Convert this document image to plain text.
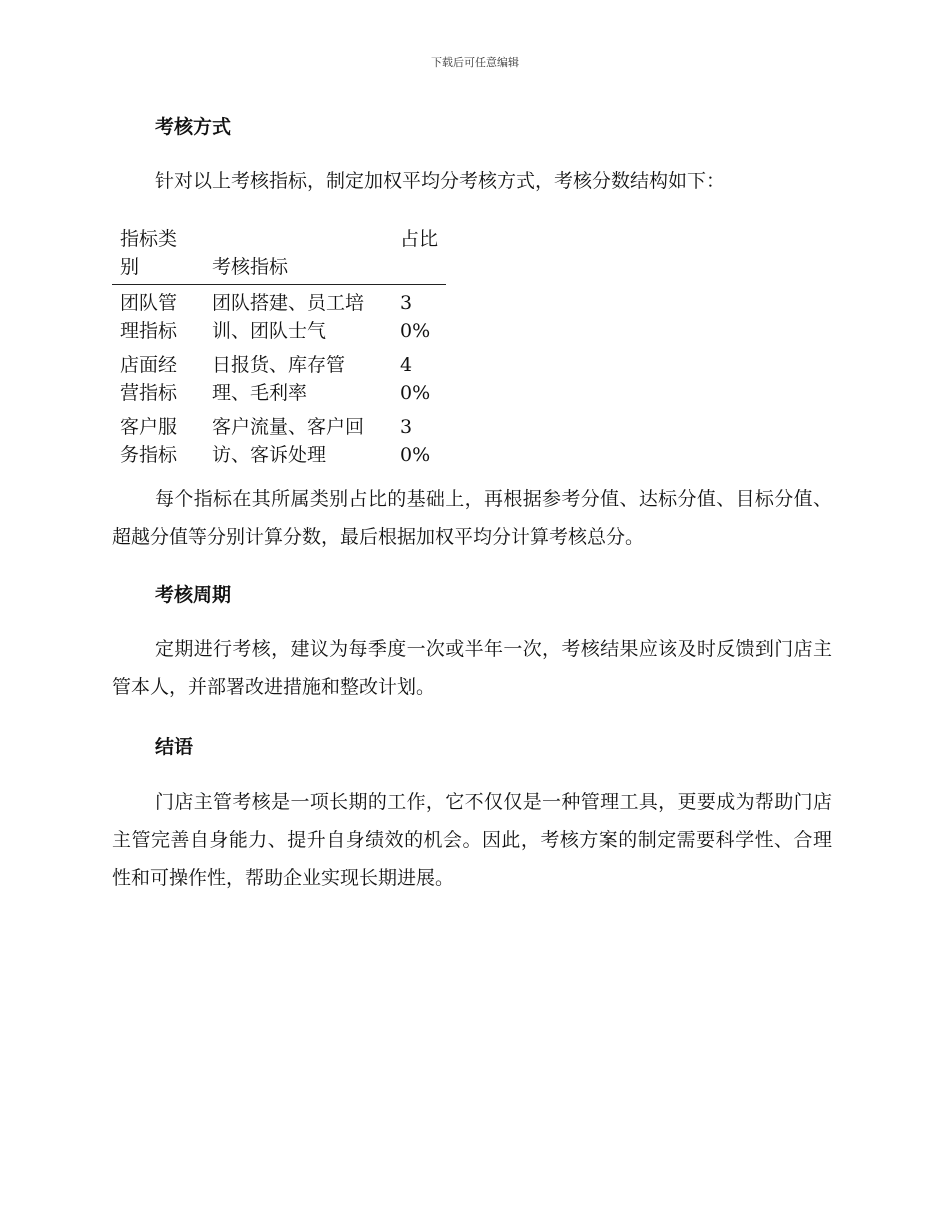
下载后可任意编辑
考核方式

针对以上考核指标，制定加权平均分考核方式，考核分数结构如下：

指标类别	考核指标
占比
团队管理指标
团队搭建、员工培训、团队士气
30%
店面经营指标
日报货、库存管理、毛利率
40%
客户服务指标
客户流量、客户回访、客诉处理
30%

每个指标在其所属类别占比的基础上，再根据参考分值、达标分值、目标分值、超越分值等分别计算分数，最后根据加权平均分计算考核总分。

考核周期

定期进行考核，建议为每季度一次或半年一次，考核结果应该及时反馈到门店主管本人，并部署改进措施和整改计划。

结语

门店主管考核是一项长期的工作，它不仅仅是一种管理工具，更要成为帮助门店主管完善自身能力、提升自身绩效的机会。因此，考核方案的制定需要科学性、合理性和可操作性，帮助企业实现长期进展。
